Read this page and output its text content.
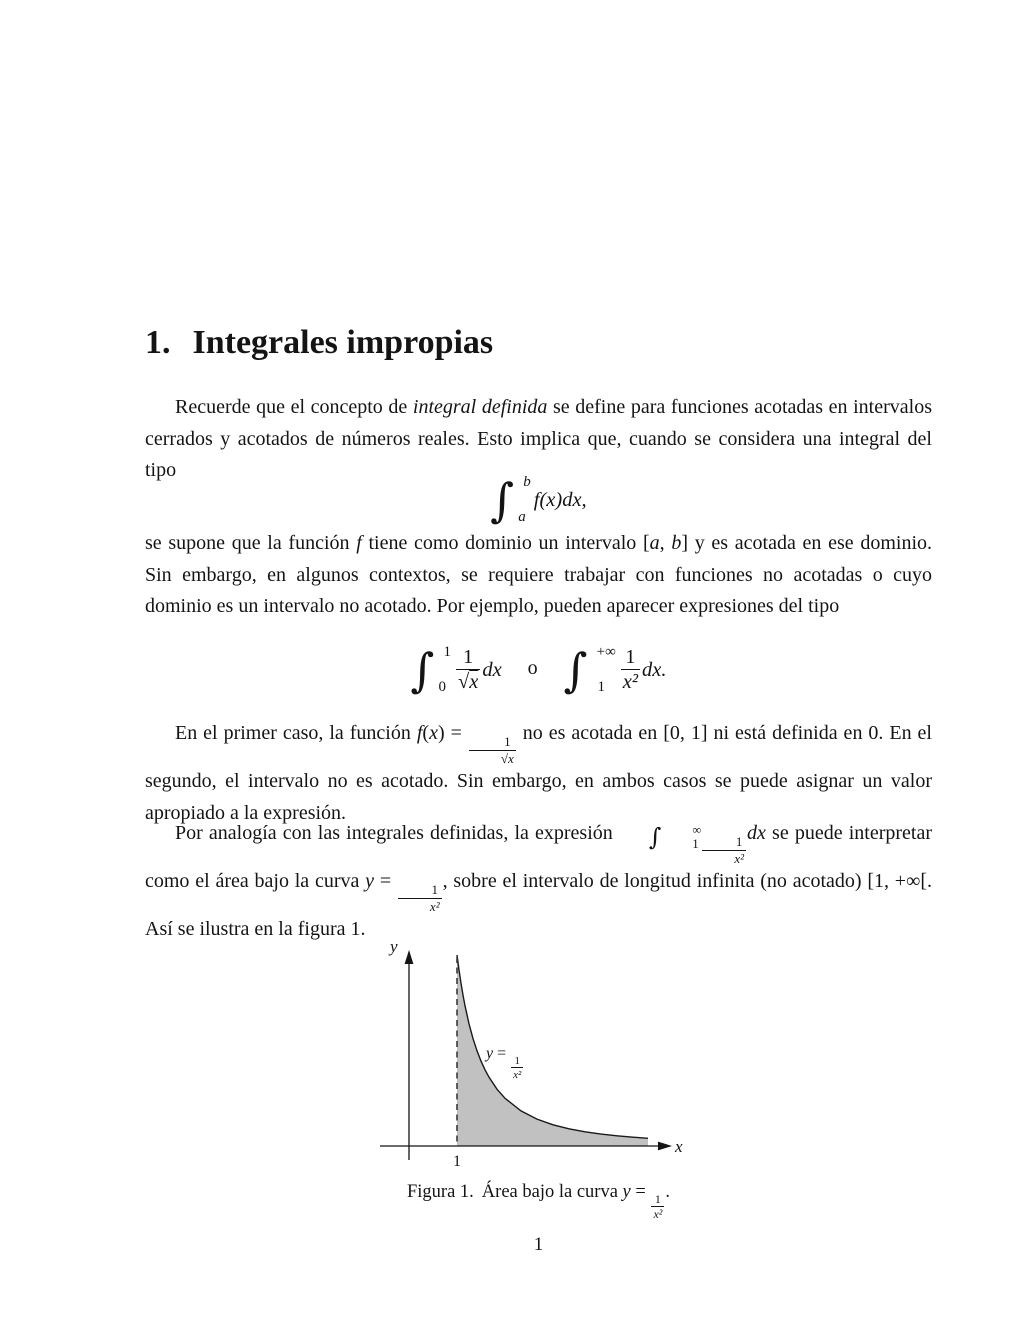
1. Integrales impropias
Recuerde que el concepto de integral definida se define para funciones acotadas en intervalos cerrados y acotados de números reales. Esto implica que, cuando se considera una integral del tipo
∫ b
a
f(x)dx,
se supone que la función f tiene como dominio un intervalo [a, b] y es acotada en ese dominio. Sin embargo, en algunos contextos, se requiere trabajar con funciones no acotadas o cuyo dominio es un intervalo no acotado. Por ejemplo, pueden aparecer expresiones del tipo
∫ 1
$0 \frac{1}{√x}$ dx o ∫ +∞
$1 \frac{1}{\text{x²}}$ dx.
En el primer caso, la función f(x) =
$\frac{1}{√x}$
no es acotada en [0, 1] ni está definida en 0. En el segundo, el intervalo no es acotado. Sin embargo, en ambos casos se puede asignar un valor apropiado a la expresión.
Por analogía con las integrales definidas, la expresión	∫	∞
$1 \frac{1}{\text{x²}}$
dx se puede interpretar como el área bajo la curva y =
$\frac{1}{\text{x²}}$
, sobre el intervalo de longitud infinita (no acotado) [1, +∞[. Así se ilustra en la figura 1.
y
x
1
y =
$\frac{1}{\text{x²}}$
Figura 1. Área bajo la curva y =
$\frac{1}{\text{x²}}$
.
1
